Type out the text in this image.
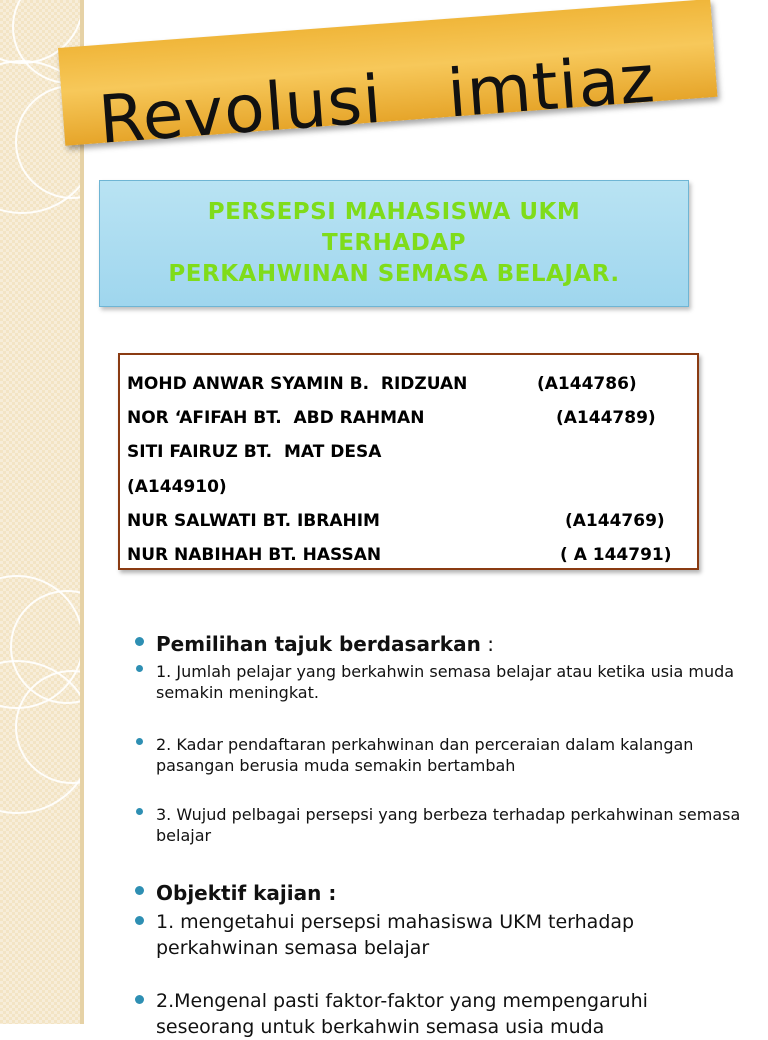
Revolusi   imtiaz
PERSEPSI MAHASISWA UKM
TERHADAP
PERKAHWINAN SEMASA BELAJAR.
MOHD ANWAR SYAMIN B.  RIDZUAN	(A144786)
NOR ‘AFIFAH BT.  ABD RAHMAN	(A144789)
SITI FAIRUZ BT.  MAT DESA
(A144910)
NUR SALWATI BT. IBRAHIM	(A144769)
NUR NABIHAH BT. HASSAN	( A 144791)
Pemilihan tajuk berdasarkan :
1. Jumlah pelajar yang berkahwin semasa belajar atau ketika usia muda semakin meningkat.
2. Kadar pendaftaran perkahwinan dan perceraian dalam kalangan pasangan berusia muda semakin bertambah
3. Wujud pelbagai persepsi yang berbeza terhadap perkahwinan semasa belajar
Objektif kajian :
1. mengetahui persepsi mahasiswa UKM terhadap perkahwinan semasa belajar
2.Mengenal pasti faktor-faktor yang mempengaruhi seseorang untuk berkahwin semasa usia muda
